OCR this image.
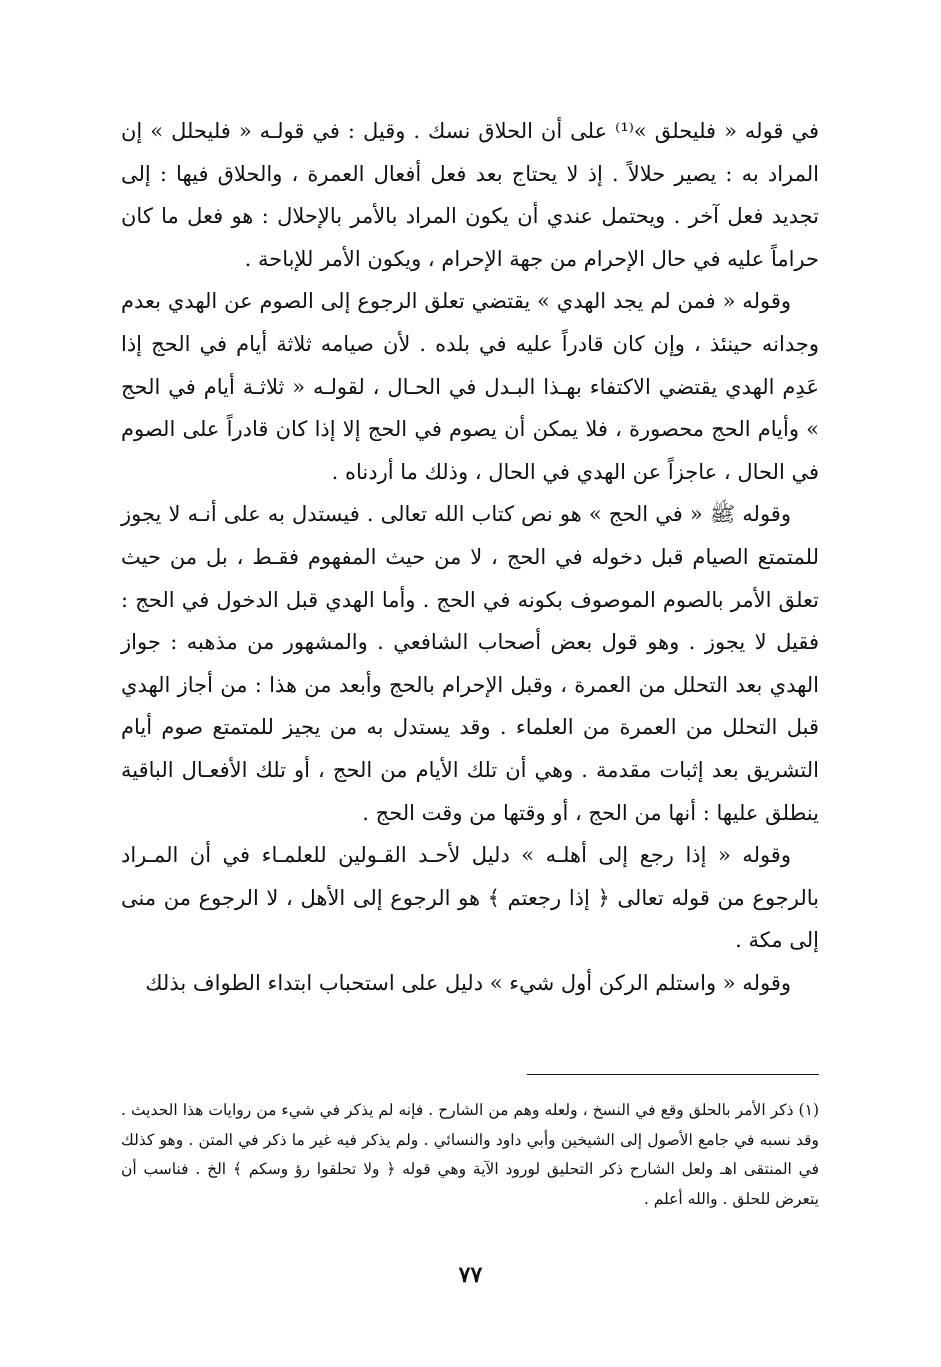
في قوله « فليحلق »⁽¹⁾ على أن الحلاق نسك . وقيل : في قولـه « فليحلل » إن المراد به : يصير حلالاً . إذ لا يحتاج بعد فعل أفعال العمرة ، والحلاق فيها : إلى تجديد فعل آخر . ويحتمل عندي أن يكون المراد بالأمر بالإحلال : هو فعل ما كان حراماً عليه في حال الإحرام من جهة الإحرام ، ويكون الأمر للإباحة .

وقوله « فمن لم يجد الهدي » يقتضي تعلق الرجوع إلى الصوم عن الهدي بعدم وجدانه حينئذ ، وإن كان قادراً عليه في بلده . لأن صيامه ثلاثة أيام في الحج إذا عَدِم الهدي يقتضي الاكتفاء بهـذا البـدل في الحـال ، لقولـه « ثلاثـة أيام في الحج » وأيام الحج محصورة ، فلا يمكن أن يصوم في الحج إلا إذا كان قادراً على الصوم في الحال ، عاجزاً عن الهدي في الحال ، وذلك ما أردناه .

وقوله ﷺ « في الحج » هو نص كتاب الله تعالى . فيستدل به على أنـه لا يجوز للمتمتع الصيام قبل دخوله في الحج ، لا من حيث المفهوم فقـط ، بل من حيث تعلق الأمر بالصوم الموصوف بكونه في الحج . وأما الهدي قبل الدخول في الحج : فقيل لا يجوز . وهو قول بعض أصحاب الشافعي . والمشهور من مذهبه : جواز الهدي بعد التحلل من العمرة ، وقبل الإحرام بالحج وأبعد من هذا : من أجاز الهدي قبل التحلل من العمرة من العلماء . وقد يستدل به من يجيز للمتمتع صوم أيام التشريق بعد إثبات مقدمة . وهي أن تلك الأيام من الحج ، أو تلك الأفعـال الباقية ينطلق عليها : أنها من الحج ، أو وقتها من وقت الحج .

وقوله « إذا رجع إلى أهلـه » دليل لأحـد القـولين للعلمـاء في أن المـراد بالرجوع من قوله تعالى ﴿ إذا رجعتم ﴾ هو الرجوع إلى الأهل ، لا الرجوع من منى إلى مكة .

وقوله « واستلم الركن أول شيء » دليل على استحباب ابتداء الطواف بذلك

(١) ذكر الأمر بالحلق وقع في النسخ ، ولعله وهم من الشارح . فإنه لم يذكر في شيء من روايات هذا الحديث . وقد نسبه في جامع الأصول إلى الشيخين وأبي داود والنسائي . ولم يذكر فيه غير ما ذكر في المتن . وهو كذلك في المنتقى اهـ ولعل الشارح ذكر التحليق لورود الآية وهي قوله ﴿ ولا تحلقوا رؤ وسكم ﴾ الخ . فناسب أن يتعرض للحلق . والله أعلم .

٧٧
